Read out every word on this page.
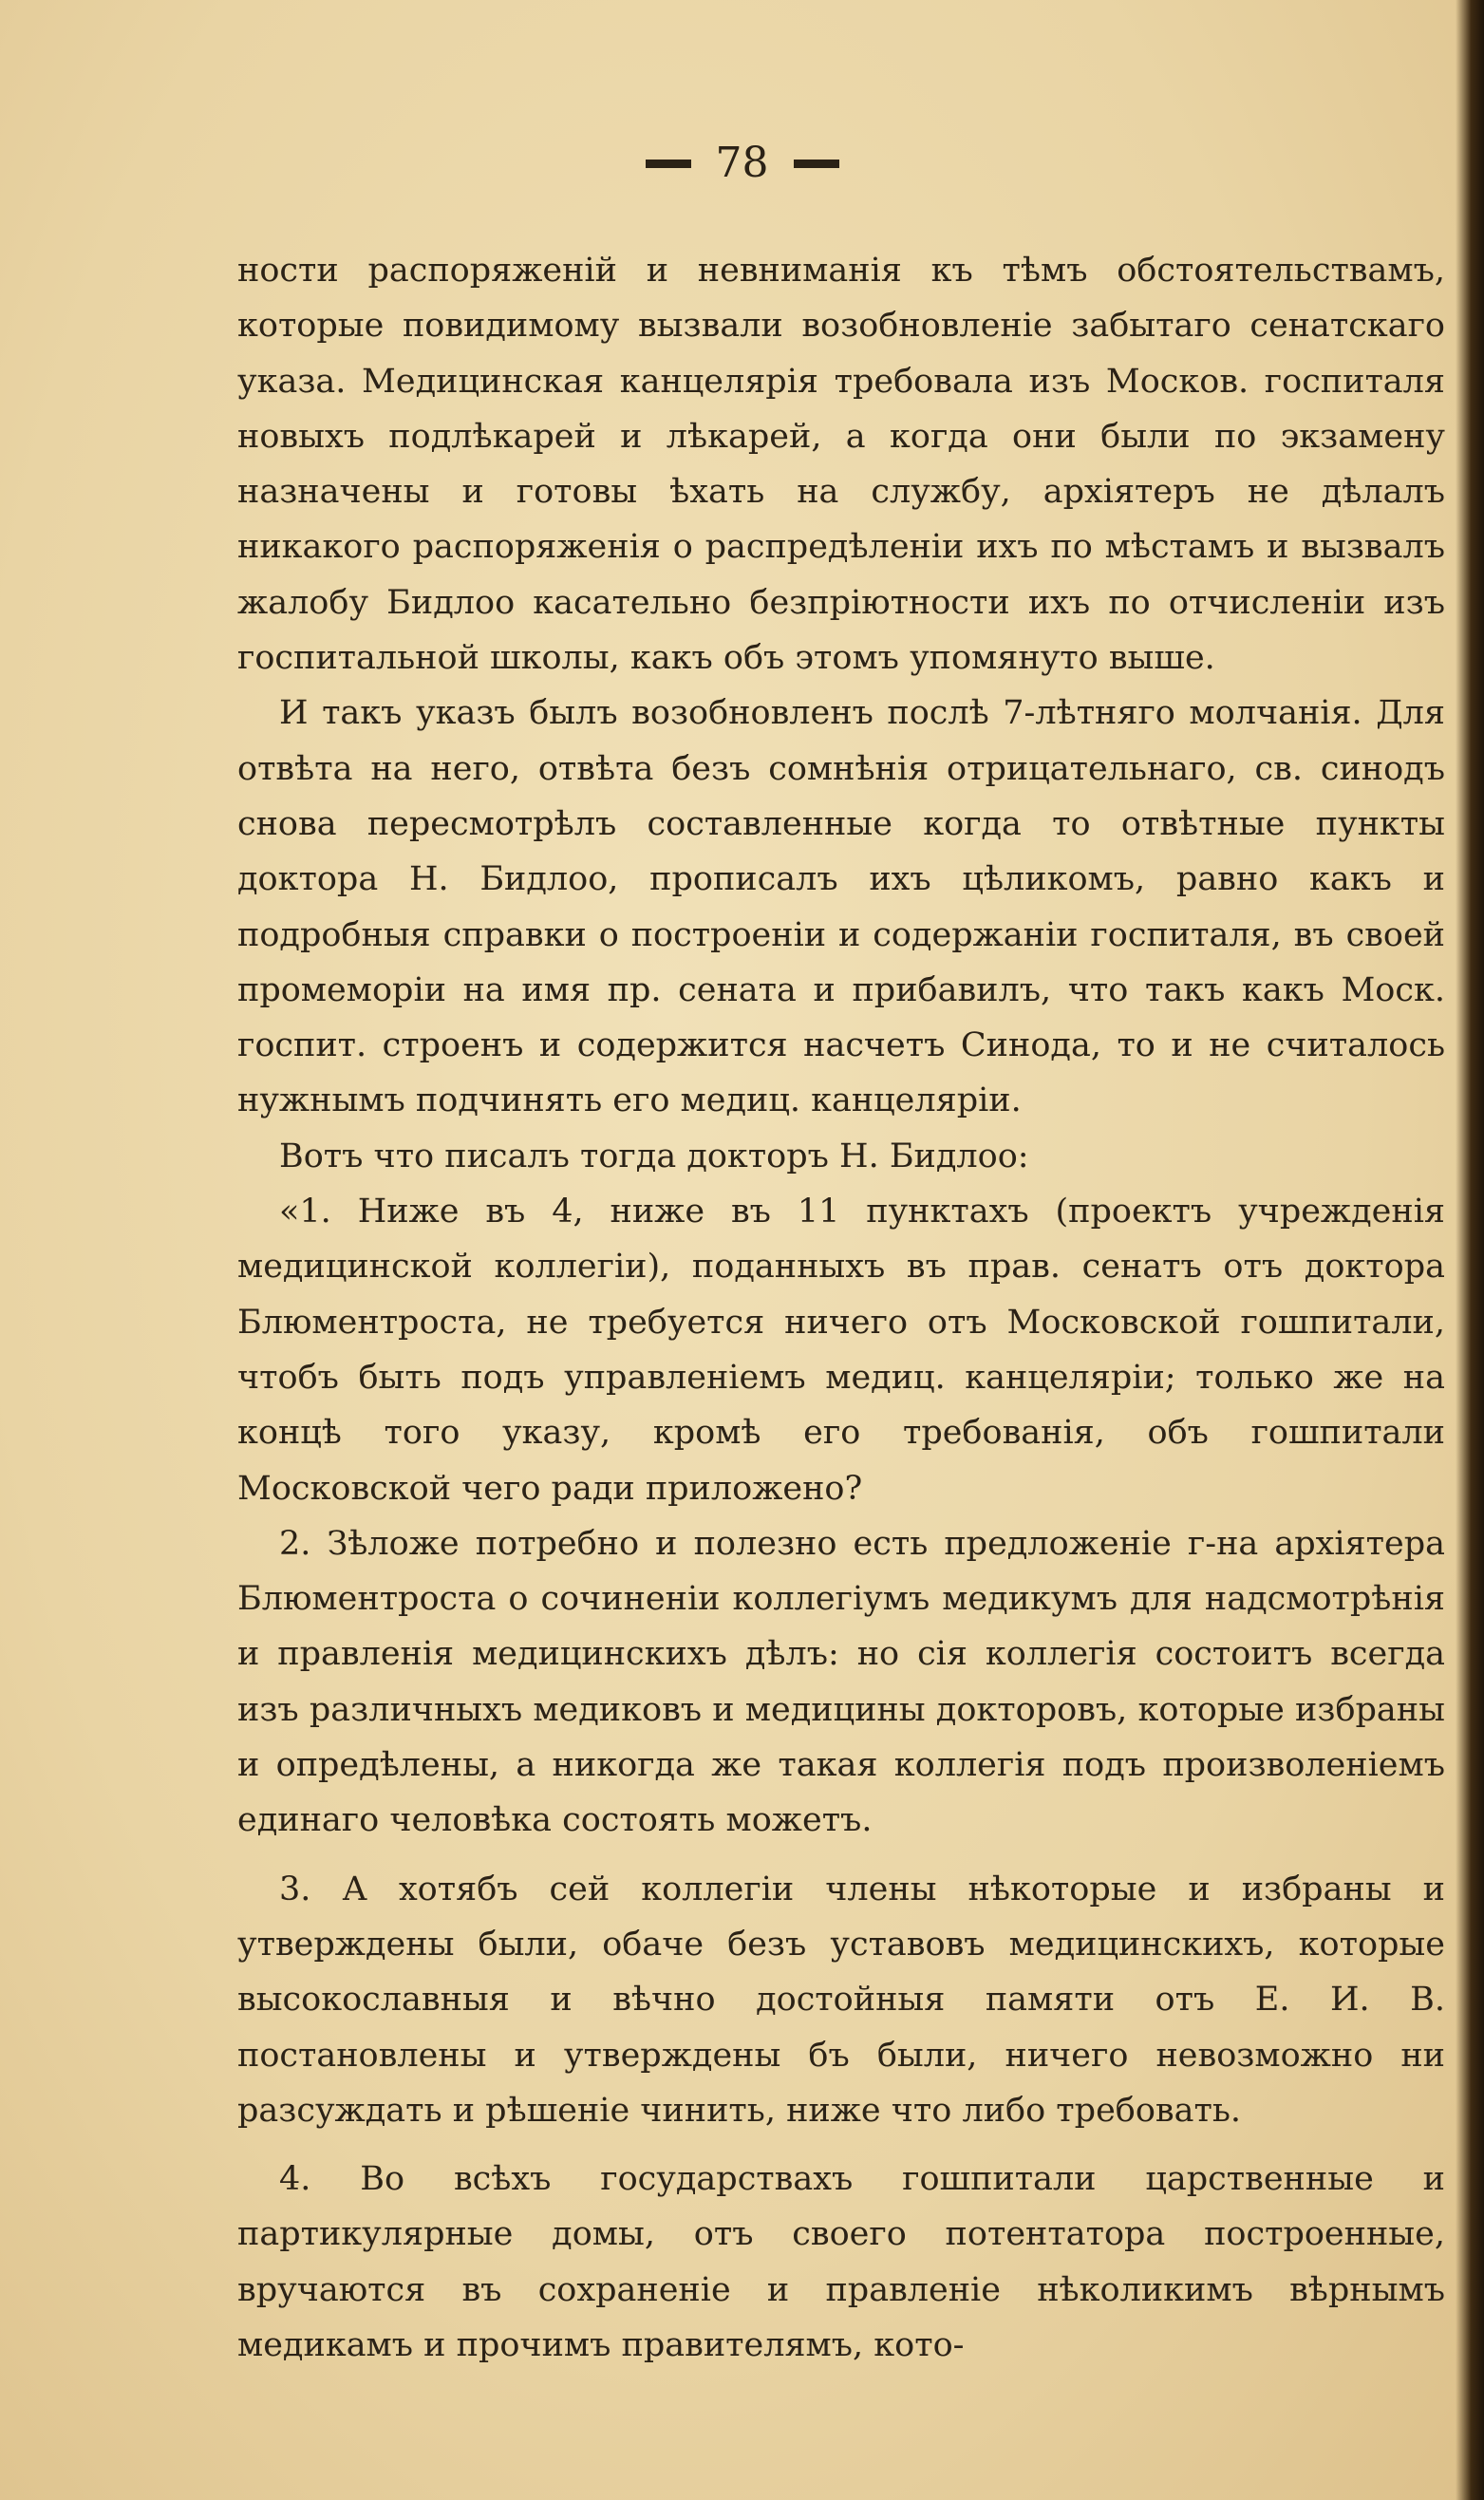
78

ности распоряженій и невниманія къ тѣмъ обстоятельствамъ, которые повидимому вызвали возобновленіе забытаго сенатскаго указа. Медицинская канцелярія требовала изъ Москов. госпиталя новыхъ подлѣкарей и лѣкарей, а когда они были по экзамену назначены и готовы ѣхать на службу, архіятеръ не дѣлалъ никакого распоряженія о распредѣленіи ихъ по мѣстамъ и вызвалъ жалобу Бидлоо касательно безпріютности ихъ по отчисленіи изъ госпитальной школы, какъ объ этомъ упомянуто выше.

И такъ указъ былъ возобновленъ послѣ 7-лѣтняго молчанія. Для отвѣта на него, отвѣта безъ сомнѣнія отрицательнаго, св. синодъ снова пересмотрѣлъ составленные когда то отвѣтные пункты доктора Н. Бидлоо, прописалъ ихъ цѣликомъ, равно какъ и подробныя справки о построеніи и содержаніи госпиталя, въ своей промеморіи на имя пр. сената и прибавилъ, что такъ какъ Моск. госпит. строенъ и содержится насчетъ Синода, то и не считалось нужнымъ подчинять его медиц. канцеляріи.

Вотъ что писалъ тогда докторъ Н. Бидлоо:

«1. Ниже въ 4, ниже въ 11 пунктахъ (проектъ учрежденія медицинской коллегіи), поданныхъ въ прав. сенатъ отъ доктора Блюментроста, не требуется ничего отъ Московской гошпитали, чтобъ быть подъ управленіемъ медиц. канцеляріи; только же на концѣ того указу, кромѣ его требованія, объ гошпитали Московской чего ради приложено?

2. Зѣложе потребно и полезно есть предложеніе г-на архіятера Блюментроста о сочиненіи коллегіумъ медикумъ для надсмотрѣнія и правленія медицинскихъ дѣлъ: но сія коллегія состоитъ всегда изъ различныхъ медиковъ и медицины докторовъ, которые избраны и опредѣлены, а никогда же такая коллегія подъ произволеніемъ единаго человѣка состоять можетъ.

3. А хотябъ сей коллегіи члены нѣкоторые и избраны и утверждены были, обаче безъ уставовъ медицинскихъ, которые высокославныя и вѣчно достойныя памяти отъ Е. И. В. постановлены и утверждены бъ были, ничего невозможно ни разсуждать и рѣшеніе чинить, ниже что либо требовать.

4. Во всѣхъ государствахъ гошпитали царственные и партикулярные домы, отъ своего потентатора построенные, вручаются въ сохраненіе и правленіе нѣколикимъ вѣрнымъ медикамъ и прочимъ правителямъ, кото-
